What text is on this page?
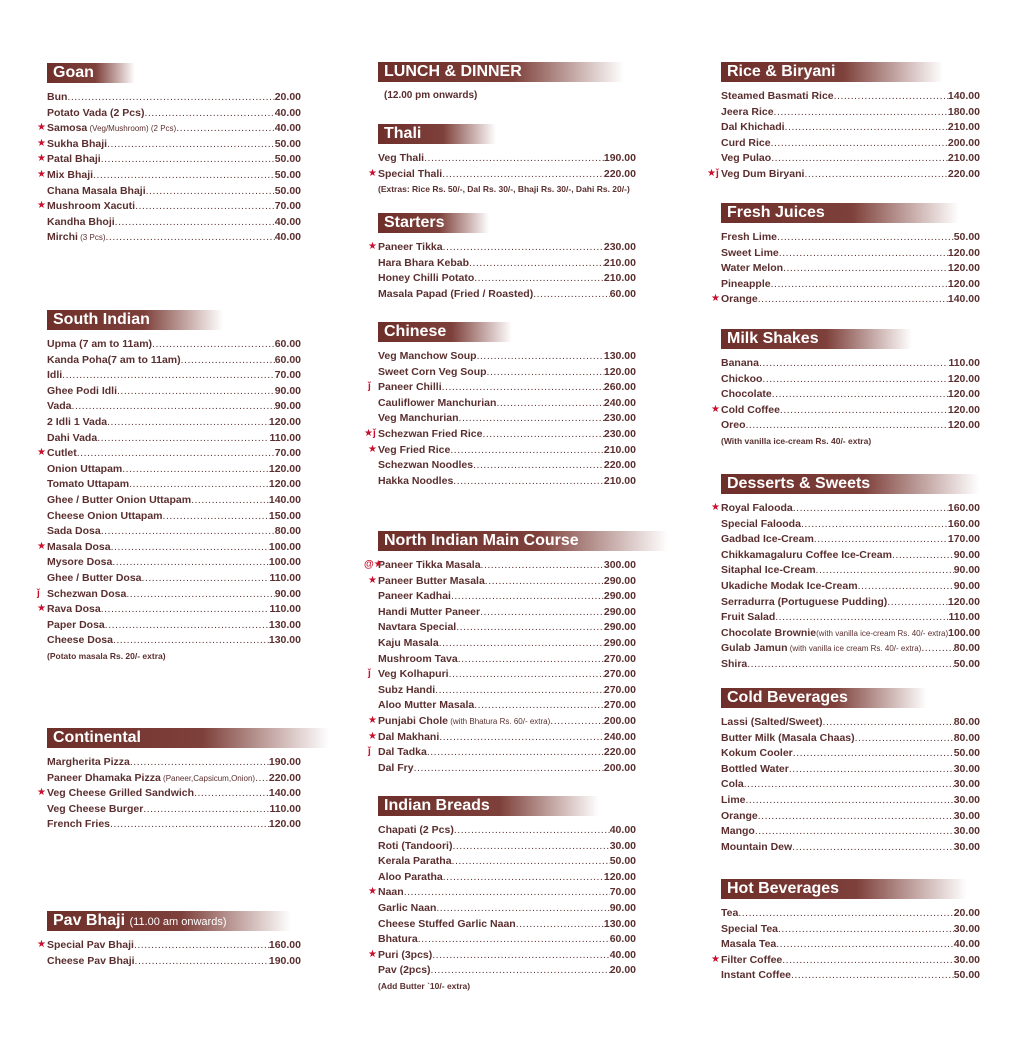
Goan
Bun .....	20.00
Potato Vada (2 Pcs) .....	40.00
★ Samosa (Veg/Mushroom) (2 Pcs) .....	40.00
★ Sukha Bhaji .....	50.00
★ Patal Bhaji .....	50.00
★ Mix Bhaji .....	50.00
Chana Masala Bhaji .....	50.00
★ Mushroom Xacuti .....	70.00
Kandha Bhoji .....	40.00
Mirchi (3 Pcs) .....	40.00
South Indian
Upma (7 am to 11am) .....	60.00
Kanda Poha(7 am to 11am) .....	60.00
Idli .....	70.00
Ghee Podi Idli .....	90.00
Vada .....	90.00
2 Idli 1 Vada .....	120.00
Dahi Vada .....	110.00
★ Cutlet .....	70.00
Onion Uttapam .....	120.00
Tomato Uttapam .....	120.00
Ghee / Butter Onion Uttapam .....	140.00
Cheese Onion Uttapam .....	150.00
Sada Dosa .....	80.00
★ Masala Dosa .....	100.00
Mysore Dosa .....	100.00
Ghee / Butter Dosa .....	110.00
ǰ Schezwan Dosa .....	90.00
★ Rava Dosa .....	110.00
Paper Dosa .....	130.00
Cheese Dosa .....	130.00
(Potato masala Rs. 20/- extra)
Continental
Margherita Pizza .....	190.00
Paneer Dhamaka Pizza (Paneer,Capsicum,Onion) ..... 220.00
★ Veg Cheese Grilled Sandwich .....	140.00
Veg Cheese Burger .....	110.00
French Fries .....	120.00
Pav Bhaji (11.00 am onwards)
★ Special Pav Bhaji .....	160.00
Cheese Pav Bhaji .....	190.00
LUNCH & DINNER
(12.00 pm onwards)
Thali
Veg Thali .....	190.00
★ Special Thali .....	220.00
(Extras: Rice Rs. 50/-, Dal Rs. 30/-, Bhaji Rs. 30/-, Dahi Rs. 20/-)
Starters
★ Paneer Tikka .....	230.00
Hara Bhara Kebab .....	210.00
Honey Chilli Potato .....	210.00
Masala Papad (Fried / Roasted) .....	60.00
Chinese
Veg Manchow Soup .....	130.00
Sweet Corn Veg Soup .....	120.00
ǰ Paneer Chilli .....	260.00
Cauliflower Manchurian .....	240.00
Veg Manchurian .....	230.00
★ǰ Schezwan Fried Rice .....	230.00
★ Veg Fried Rice .....	210.00
Schezwan Noodles .....	220.00
Hakka Noodles .....	210.00
North Indian Main Course
@★
Paneer Tikka Masala .....	300.00
★ Paneer Butter Masala .....	290.00
Paneer Kadhai .....	290.00
Handi Mutter Paneer .....	290.00
Navtara Special .....	290.00
Kaju Masala .....	290.00
Mushroom Tava .....	270.00
ǰ Veg Kolhapuri .....	270.00
Subz Handi .....	270.00
Aloo Mutter Masala .....	270.00
★ Punjabi Chole (with Bhatura Rs. 60/- extra) .....	200.00
★ Dal Makhani .....	240.00
ǰ Dal Tadka .....	220.00
Dal Fry .....	200.00
Indian Breads
Chapati (2 Pcs) .....	40.00
Roti (Tandoori) .....	30.00
Kerala Paratha .....	50.00
Aloo Paratha .....	120.00
★ Naan .....	70.00
Garlic Naan .....	90.00
Cheese Stuffed Garlic Naan .....	130.00
Bhatura .....	60.00
★ Puri (3pcs) .....	40.00
Pav (2pcs) .....	20.00
(Add Butter `10/- extra)
Rice & Biryani
Steamed Basmati Rice .....	140.00
Jeera Rice .....	180.00
Dal Khichadi .....	210.00
Curd Rice .....	200.00
Veg Pulao .....	210.00
★ǰ Veg Dum Biryani .....	220.00
Fresh Juices
Fresh Lime .....	50.00
Sweet Lime .....	120.00
Water Melon .....	120.00
Pineapple .....	120.00
★ Orange .....	140.00
Milk Shakes
Banana .....	110.00
Chickoo .....	120.00
Chocolate .....	120.00
★ Cold Coffee .....	120.00
Oreo .....	120.00
(With vanilla ice-cream Rs. 40/- extra)
Desserts & Sweets
★ Royal Falooda .....	160.00
Special Falooda .....	160.00
Gadbad Ice-Cream .....	170.00
Chikkamagaluru Coffee Ice-Cream .....	90.00
Sitaphal Ice-Cream .....	90.00
Ukadiche Modak Ice-Cream .....	90.00
Serradurra (Portuguese Pudding) .....	120.00
Fruit Salad .....	110.00
Chocolate Brownie(with vanilla ice-cream Rs. 40/- extra) 100.00
Gulab Jamun (with vanilla ice cream Rs. 40/- extra) .....	80.00
Shira .....	50.00
Cold Beverages
Lassi (Salted/Sweet) .....	80.00
Butter Milk (Masala Chaas) .....	80.00
Kokum Cooler .....	50.00
Bottled Water .....	30.00
Cola .....	30.00
Lime .....	30.00
Orange .....	30.00
Mango .....	30.00
Mountain Dew .....	30.00
Hot Beverages
Tea .....	20.00
Special Tea .....	30.00
Masala Tea .....	40.00
★ Filter Coffee .....	30.00
Instant Coffee .....	50.00
